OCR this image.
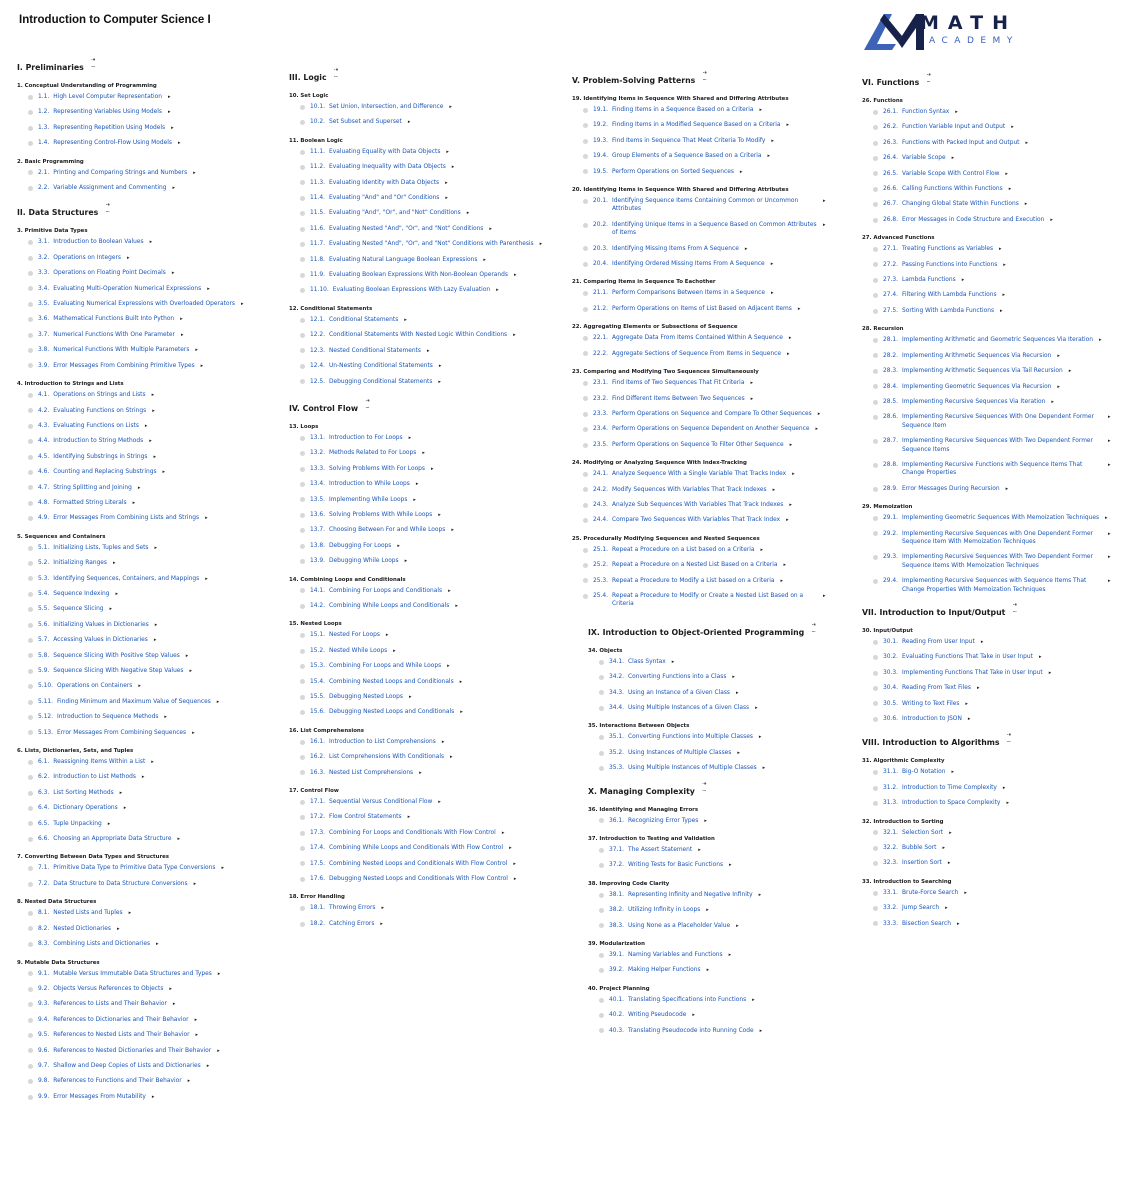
Introduction to Computer Science I	MATH
ACADEMY
I. Preliminaries
⋅•
⋅·⋅
1. Conceptual Understanding of Programming
1.1. High Level Computer Representation ▸
1.2. Representing Variables Using Models ▸
1.3. Representing Repetition Using Models ▸
1.4. Representing Control-Flow Using Models ▸
2. Basic Programming
2.1. Printing and Comparing Strings and Numbers ▸
2.2. Variable Assignment and Commenting ▸
II. Data Structures
⋅•
⋅·⋅
3. Primitive Data Types
3.1. Introduction to Boolean Values ▸
3.2. Operations on Integers ▸
3.3. Operations on Floating Point Decimals ▸
3.4. Evaluating Multi-Operation Numerical Expressions ▸
3.5. Evaluating Numerical Expressions with Overloaded Operators ▸
3.6. Mathematical Functions Built Into Python ▸
3.7. Numerical Functions With One Parameter ▸
3.8. Numerical Functions With Multiple Parameters ▸
3.9. Error Messages From Combining Primitive Types ▸
4. Introduction to Strings and Lists
4.1. Operations on Strings and Lists ▸
4.2. Evaluating Functions on Strings ▸
4.3. Evaluating Functions on Lists ▸
4.4. Introduction to String Methods ▸
4.5. Identifying Substrings in Strings ▸
4.6. Counting and Replacing Substrings ▸
4.7. String Splitting and Joining ▸
4.8. Formatted String Literals ▸
4.9. Error Messages From Combining Lists and Strings ▸
5. Sequences and Containers
5.1. Initializing Lists, Tuples and Sets ▸
5.2. Initializing Ranges ▸
5.3. Identifying Sequences, Containers, and Mappings ▸
5.4. Sequence Indexing ▸
5.5. Sequence Slicing ▸
5.6. Initializing Values in Dictionaries ▸
5.7. Accessing Values in Dictionaries ▸
5.8. Sequence Slicing With Positive Step Values ▸
5.9. Sequence Slicing With Negative Step Values ▸
5.10. Operations on Containers ▸
5.11. Finding Minimum and Maximum Value of Sequences ▸
5.12. Introduction to Sequence Methods ▸
5.13. Error Messages From Combining Sequences ▸
6. Lists, Dictionaries, Sets, and Tuples
6.1. Reassigning Items Within a List ▸
6.2. Introduction to List Methods ▸
6.3. List Sorting Methods ▸
6.4. Dictionary Operations ▸
6.5. Tuple Unpacking ▸
6.6. Choosing an Appropriate Data Structure ▸
7. Converting Between Data Types and Structures
7.1. Primitive Data Type to Primitive Data Type Conversions ▸
7.2. Data Structure to Data Structure Conversions ▸
8. Nested Data Structures
8.1. Nested Lists and Tuples ▸
8.2. Nested Dictionaries ▸
8.3. Combining Lists and Dictionaries ▸
9. Mutable Data Structures
9.1. Mutable Versus Immutable Data Structures and Types ▸
9.2. Objects Versus References to Objects ▸
9.3. References to Lists and Their Behavior ▸
9.4. References to Dictionaries and Their Behavior ▸
9.5. References to Nested Lists and Their Behavior ▸
9.6. References to Nested Dictionaries and Their Behavior ▸
9.7. Shallow and Deep Copies of Lists and Dictionaries ▸
9.8. References to Functions and Their Behavior ▸
9.9. Error Messages From Mutability ▸
III. Logic
⋅•
⋅·⋅
10. Set Logic
10.1. Set Union, Intersection, and Difference ▸
10.2. Set Subset and Superset ▸
11. Boolean Logic
11.1. Evaluating Equality with Data Objects ▸
11.2. Evaluating Inequality with Data Objects ▸
11.3. Evaluating Identity with Data Objects ▸
11.4. Evaluating "And" and "Or" Conditions ▸
11.5. Evaluating "And", "Or", and "Not" Conditions ▸
11.6. Evaluating Nested "And", "Or", and "Not" Conditions ▸
11.7. Evaluating Nested "And", "Or", and "Not" Conditions with Parenthesis ▸
11.8. Evaluating Natural Language Boolean Expressions ▸
11.9. Evaluating Boolean Expressions With Non-Boolean Operands ▸
11.10. Evaluating Boolean Expressions With Lazy Evaluation ▸
12. Conditional Statements
12.1. Conditional Statements ▸
12.2. Conditional Statements With Nested Logic Within Conditions ▸
12.3. Nested Conditional Statements ▸
12.4. Un-Nesting Conditional Statements ▸
12.5. Debugging Conditional Statements ▸
IV. Control Flow
⋅•
⋅·⋅
13. Loops
13.1. Introduction to For Loops ▸
13.2. Methods Related to For Loops ▸
13.3. Solving Problems With For Loops ▸
13.4. Introduction to While Loops ▸
13.5. Implementing While Loops ▸
13.6. Solving Problems With While Loops ▸
13.7. Choosing Between For and While Loops ▸
13.8. Debugging For Loops ▸
13.9. Debugging While Loops ▸
14. Combining Loops and Conditionals
14.1. Combining For Loops and Conditionals ▸
14.2. Combining While Loops and Conditionals ▸
15. Nested Loops
15.1. Nested For Loops ▸
15.2. Nested While Loops ▸
15.3. Combining For Loops and While Loops ▸
15.4. Combining Nested Loops and Conditionals ▸
15.5. Debugging Nested Loops ▸
15.6. Debugging Nested Loops and Conditionals ▸
16. List Comprehensions
16.1. Introduction to List Comprehensions ▸
16.2. List Comprehensions With Conditionals ▸
16.3. Nested List Comprehensions ▸
17. Control Flow
17.1. Sequential Versus Conditional Flow ▸
17.2. Flow Control Statements ▸
17.3. Combining For Loops and Conditionals With Flow Control ▸
17.4. Combining While Loops and Conditionals With Flow Control ▸
17.5. Combining Nested Loops and Conditionals With Flow Control ▸
17.6. Debugging Nested Loops and Conditionals With Flow Control ▸
18. Error Handling
18.1. Throwing Errors ▸
18.2. Catching Errors ▸
V. Problem-Solving Patterns
⋅•
⋅·⋅
19. Identifying Items in Sequence With Shared and Differing Attributes
19.1. Finding Items in a Sequence Based on a Criteria ▸
19.2. Finding Items in a Modified Sequence Based on a Criteria ▸
19.3. Find Items in Sequence That Meet Criteria To Modify ▸
19.4. Group Elements of a Sequence Based on a Criteria ▸
19.5. Perform Operations on Sorted Sequences ▸
20. Identifying Items in Sequence With Shared and Differing Attributes
20.1. Identifying Sequence Items Containing Common or Uncommon Attributes
▸
20.2. Identifying Unique Items in a Sequence Based on Common Attributes of Items
▸
20.3. Identifying Missing Items From A Sequence ▸
20.4. Identifying Ordered Missing Items From A Sequence ▸
21. Comparing Items in Sequence To Eachother
21.1. Perform Comparisons Between Items in a Sequence ▸
21.2. Perform Operations on Items of List Based on Adjacent Items ▸
22. Aggregating Elements or Subsections of Sequence
22.1. Aggregate Data From Items Contained Within A Sequence ▸
22.2. Aggregate Sections of Sequence From Items in Sequence ▸
23. Comparing and Modifying Two Sequences Simultaneously
23.1. Find Items of Two Sequences That Fit Criteria ▸
23.2. Find Different Items Between Two Sequences ▸
23.3. Perform Operations on Sequence and Compare To Other Sequences ▸
23.4. Perform Operations on Sequence Dependent on Another Sequence ▸
23.5. Perform Operations on Sequence To Filter Other Sequence ▸
24. Modifying or Analyzing Sequence With Index-Tracking
24.1. Analyze Sequence With a Single Variable That Tracks Index ▸
24.2. Modify Sequences With Variables That Track Indexes ▸
24.3. Analyze Sub Sequences With Variables That Track Indexes ▸
24.4. Compare Two Sequences With Variables That Track Index ▸
25. Procedurally Modifying Sequences and Nested Sequences
25.1. Repeat a Procedure on a List based on a Criteria ▸
25.2. Repeat a Procedure on a Nested List Based on a Criteria ▸
25.3. Repeat a Procedure to Modify a List based on a Criteria ▸
25.4. Repeat a Procedure to Modify or Create a Nested List Based on a Criteria
▸
IX. Introduction to Object-Oriented Programming
⋅•
⋅·⋅
34. Objects
34.1. Class Syntax ▸
34.2. Converting Functions into a Class ▸
34.3. Using an Instance of a Given Class ▸
34.4. Using Multiple Instances of a Given Class ▸
35. Interactions Between Objects
35.1. Converting Functions into Multiple Classes ▸
35.2. Using Instances of Multiple Classes ▸
35.3. Using Multiple Instances of Multiple Classes ▸
X. Managing Complexity
⋅•
⋅·⋅
36. Identifying and Managing Errors
36.1. Recognizing Error Types ▸
37. Introduction to Testing and Validation
37.1. The Assert Statement ▸
37.2. Writing Tests for Basic Functions ▸
38. Improving Code Clarity
38.1. Representing Infinity and Negative Infinity ▸
38.2. Utilizing Infinity in Loops ▸
38.3. Using None as a Placeholder Value ▸
39. Modularization
39.1. Naming Variables and Functions ▸
39.2. Making Helper Functions ▸
40. Project Planning
40.1. Translating Specifications into Functions ▸
40.2. Writing Pseudocode ▸
40.3. Translating Pseudocode into Running Code ▸
VI. Functions
⋅•
⋅·⋅
26. Functions
26.1. Function Syntax ▸
26.2. Function Variable Input and Output ▸
26.3. Functions with Packed Input and Output ▸
26.4. Variable Scope ▸
26.5. Variable Scope With Control Flow ▸
26.6. Calling Functions Within Functions ▸
26.7. Changing Global State Within Functions ▸
26.8. Error Messages in Code Structure and Execution ▸
27. Advanced Functions
27.1. Treating Functions as Variables ▸
27.2. Passing Functions into Functions ▸
27.3. Lambda Functions ▸
27.4. Filtering With Lambda Functions ▸
27.5. Sorting With Lambda Functions ▸
28. Recursion
28.1. Implementing Arithmetic and Geometric Sequences Via Iteration ▸
28.2. Implementing Arithmetic Sequences Via Recursion ▸
28.3. Implementing Arithmetic Sequences Via Tail Recursion ▸
28.4. Implementing Geometric Sequences Via Recursion ▸
28.5. Implementing Recursive Sequences Via Iteration ▸
28.6. Implementing Recursive Sequences With One Dependent Former Sequence Item
▸
28.7. Implementing Recursive Sequences With Two Dependent Former Sequence Items
▸
28.8. Implementing Recursive Functions with Sequence Items That Change Properties
▸
28.9. Error Messages During Recursion ▸
29. Memoization
29.1. Implementing Geometric Sequences With Memoization Techniques ▸
29.2. Implementing Recursive Sequences with One Dependent Former Sequence Item With Memoization Techniques
▸
29.3. Implementing Recursive Sequences With Two Dependent Former Sequence Items With Memoization Techniques
▸
29.4. Implementing Recursive Sequences with Sequence Items That Change Properties With Memoization Techniques
▸
VII. Introduction to Input/Output
⋅•
⋅·⋅
30. Input/Output
30.1. Reading From User Input ▸
30.2. Evaluating Functions That Take in User Input ▸
30.3. Implementing Functions That Take in User Input ▸
30.4. Reading From Text Files ▸
30.5. Writing to Text Files ▸
30.6. Introduction to JSON ▸
VIII. Introduction to Algorithms
⋅•
⋅·⋅
31. Algorithmic Complexity
31.1. Big-O Notation ▸
31.2. Introduction to Time Complexity ▸
31.3. Introduction to Space Complexity ▸
32. Introduction to Sorting
32.1. Selection Sort ▸
32.2. Bubble Sort ▸
32.3. Insertion Sort ▸
33. Introduction to Searching
33.1. Brute-Force Search ▸
33.2. Jump Search ▸
33.3. Bisection Search ▸
